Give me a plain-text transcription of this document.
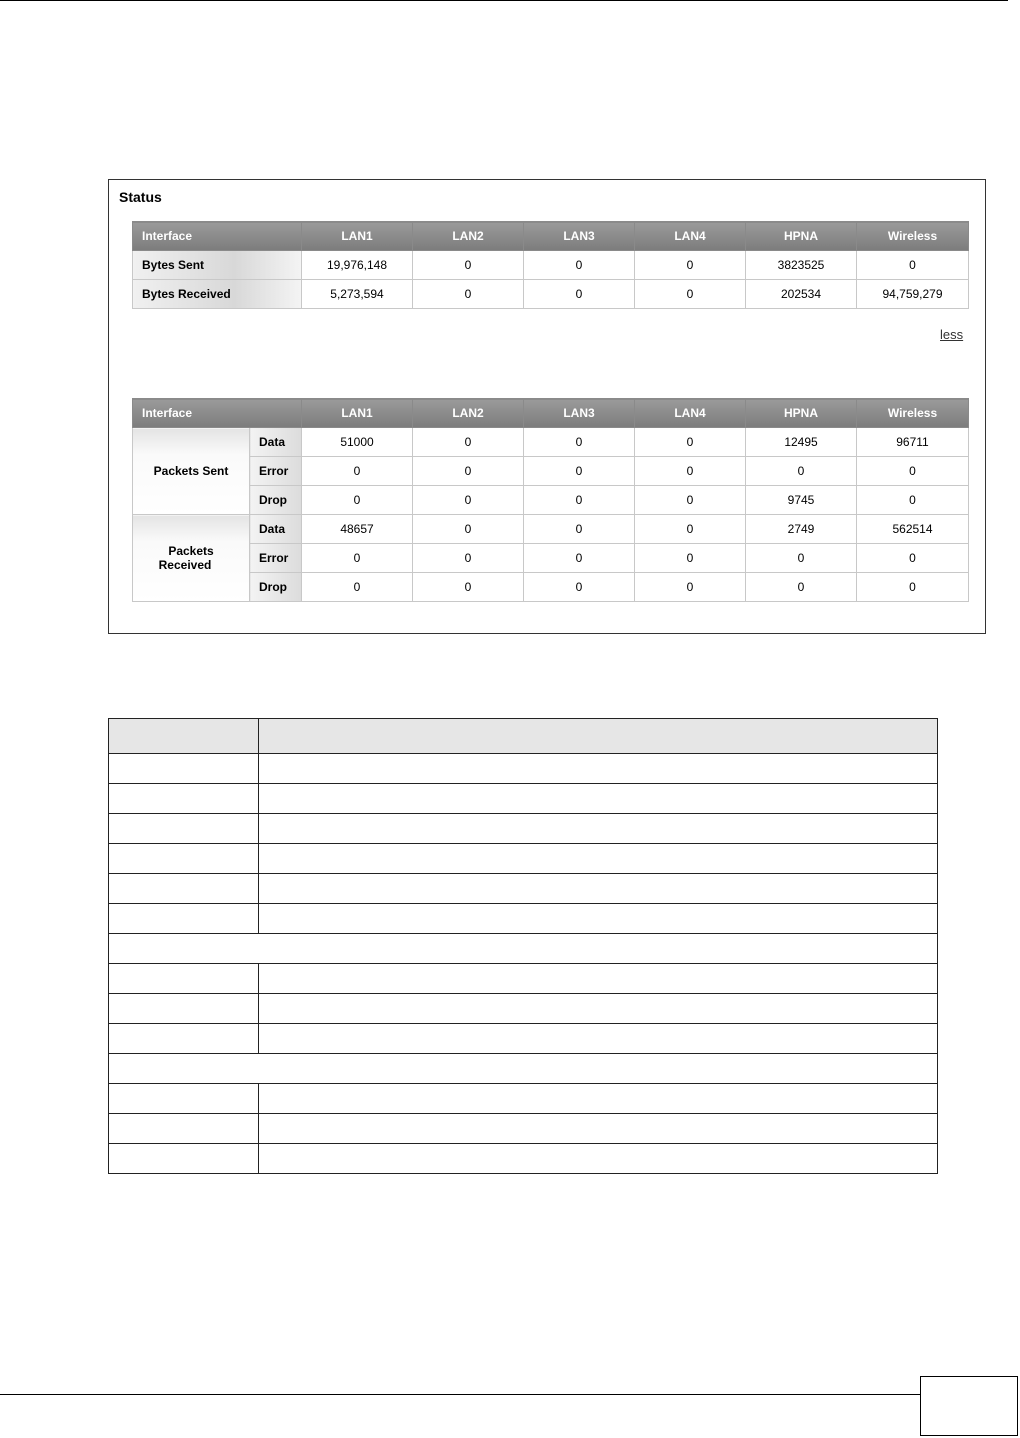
Status
Interface	LAN1	LAN2	LAN3	LAN4	HPNA	Wireless
Bytes Sent	19,976,148	0	0	0	3823525	0
Bytes Received	5,273,594	0	0	0	202534	94,759,279
less
Interface		LAN1	LAN2	LAN3	LAN4	HPNA	Wireless
Packets Sent	Data	51000	0	0	0	12495	96711
	Error	0	0	0	0	0	0
	Drop	0	0	0	0	9745	0

Packets
Received	Data	48657	0	0	0	2749	562514
	Error	0	0	0	0	0	0
	Drop	0	0	0	0	0	0
